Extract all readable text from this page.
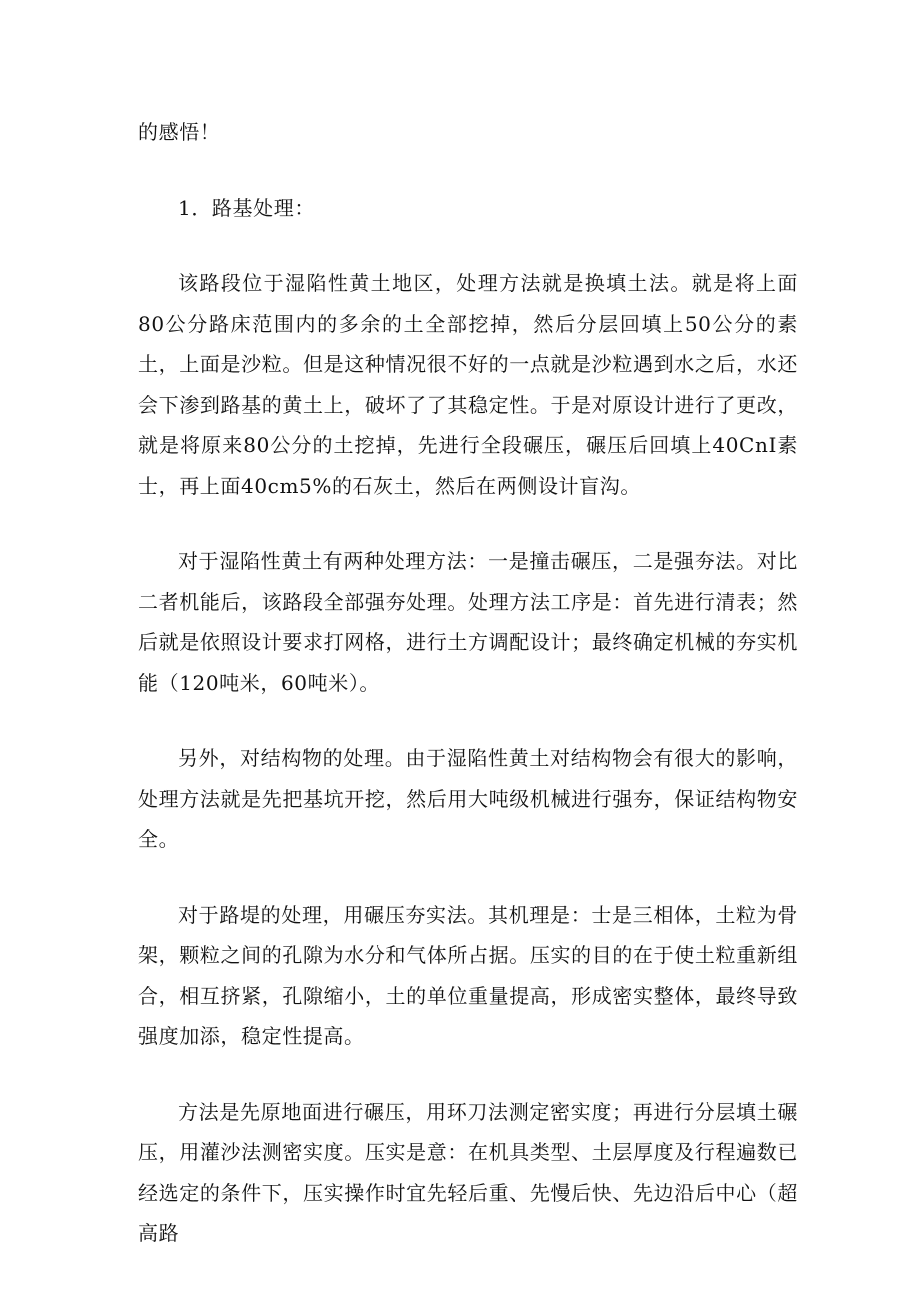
的感悟！

1．路基处理：

该路段位于湿陷性黄土地区，处理方法就是换填土法。就是将上面80公分路床范围内的多余的土全部挖掉，然后分层回填上50公分的素土，上面是沙粒。但是这种情况很不好的一点就是沙粒遇到水之后，水还会下渗到路基的黄土上，破坏了了其稳定性。于是对原设计进行了更改，就是将原来80公分的土挖掉，先进行全段碾压，碾压后回填上40CnI素士，再上面40cm5%的石灰土，然后在两侧设计盲沟。

对于湿陷性黄土有两种处理方法：一是撞击碾压，二是强夯法。对比二者机能后，该路段全部强夯处理。处理方法工序是：首先进行清表；然后就是依照设计要求打网格，进行土方调配设计；最终确定机械的夯实机能（120吨米，60吨米）。

另外，对结构物的处理。由于湿陷性黄土对结构物会有很大的影响，处理方法就是先把基坑开挖，然后用大吨级机械进行强夯，保证结构物安全。

对于路堤的处理，用碾压夯实法。其机理是：士是三相体，土粒为骨架，颗粒之间的孔隙为水分和气体所占据。压实的目的在于使土粒重新组合，相互挤紧，孔隙缩小，土的单位重量提高，形成密实整体，最终导致强度加添，稳定性提高。

方法是先原地面进行碾压，用环刀法测定密实度；再进行分层填土碾压，用灌沙法测密实度。压实是意：在机具类型、土层厚度及行程遍数已经选定的条件下，压实操作时宜先轻后重、先慢后快、先边沿后中心（超高路
